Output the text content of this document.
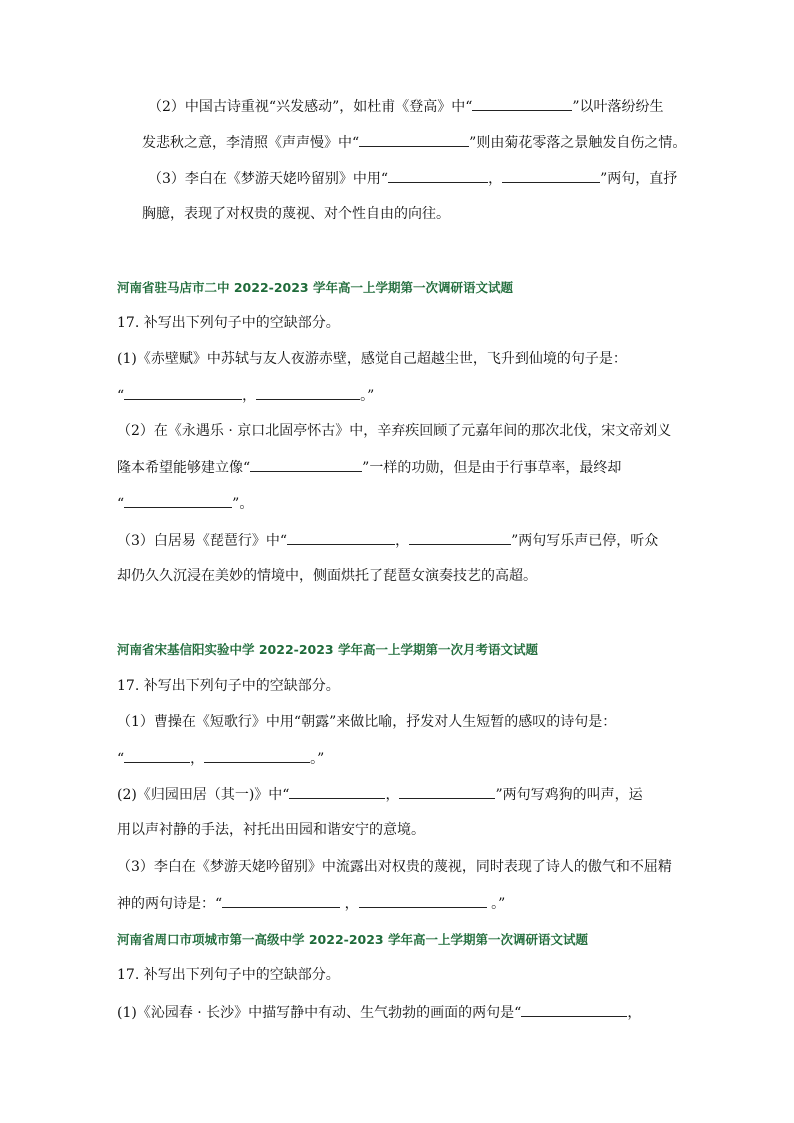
（2）中国古诗重视“兴发感动”，如杜甫《登高》中“	”以叶落纷纷生
发悲秋之意，李清照《声声慢》中“	”则由菊花零落之景触发自伤之情。
（3）李白在《梦游天姥吟留别》中用“	，	”两句，直抒
胸臆，表现了对权贵的蔑视、对个性自由的向往。
河南省驻马店市二中 2022-2023 学年高一上学期第一次调研语文试题
17. 补写出下列句子中的空缺部分。
(1)《赤壁赋》中苏轼与友人夜游赤壁，感觉自己超越尘世，飞升到仙境的句子是：
“	，	。”
（2）在《永遇乐 · 京口北固亭怀古》中，辛弃疾回顾了元嘉年间的那次北伐，宋文帝刘义
隆本希望能够建立像“	”一样的功勋，但是由于行事草率，最终却
“	”。
（3）白居易《琵琶行》中“	，	”两句写乐声已停，听众
却仍久久沉浸在美妙的情境中，侧面烘托了琵琶女演奏技艺的高超。
河南省宋基信阳实验中学 2022-2023 学年高一上学期第一次月考语文试题
17. 补写出下列句子中的空缺部分。
（1）曹操在《短歌行》中用“朝露”来做比喻，抒发对人生短暂的感叹的诗句是：
“	，	。”
(2)《归园田居（其一)》中“	，	”两句写鸡狗的叫声，运
用以声衬静的手法，衬托出田园和谐安宁的意境。
（3）李白在《梦游天姥吟留别》中流露出对权贵的蔑视，同时表现了诗人的傲气和不屈精
神的两句诗是：“	，	。”
河南省周口市项城市第一高级中学 2022-2023 学年高一上学期第一次调研语文试题
17. 补写出下列句子中的空缺部分。
(1)《沁园春 · 长沙》中描写静中有动、生气勃勃的画面的两句是“	，
